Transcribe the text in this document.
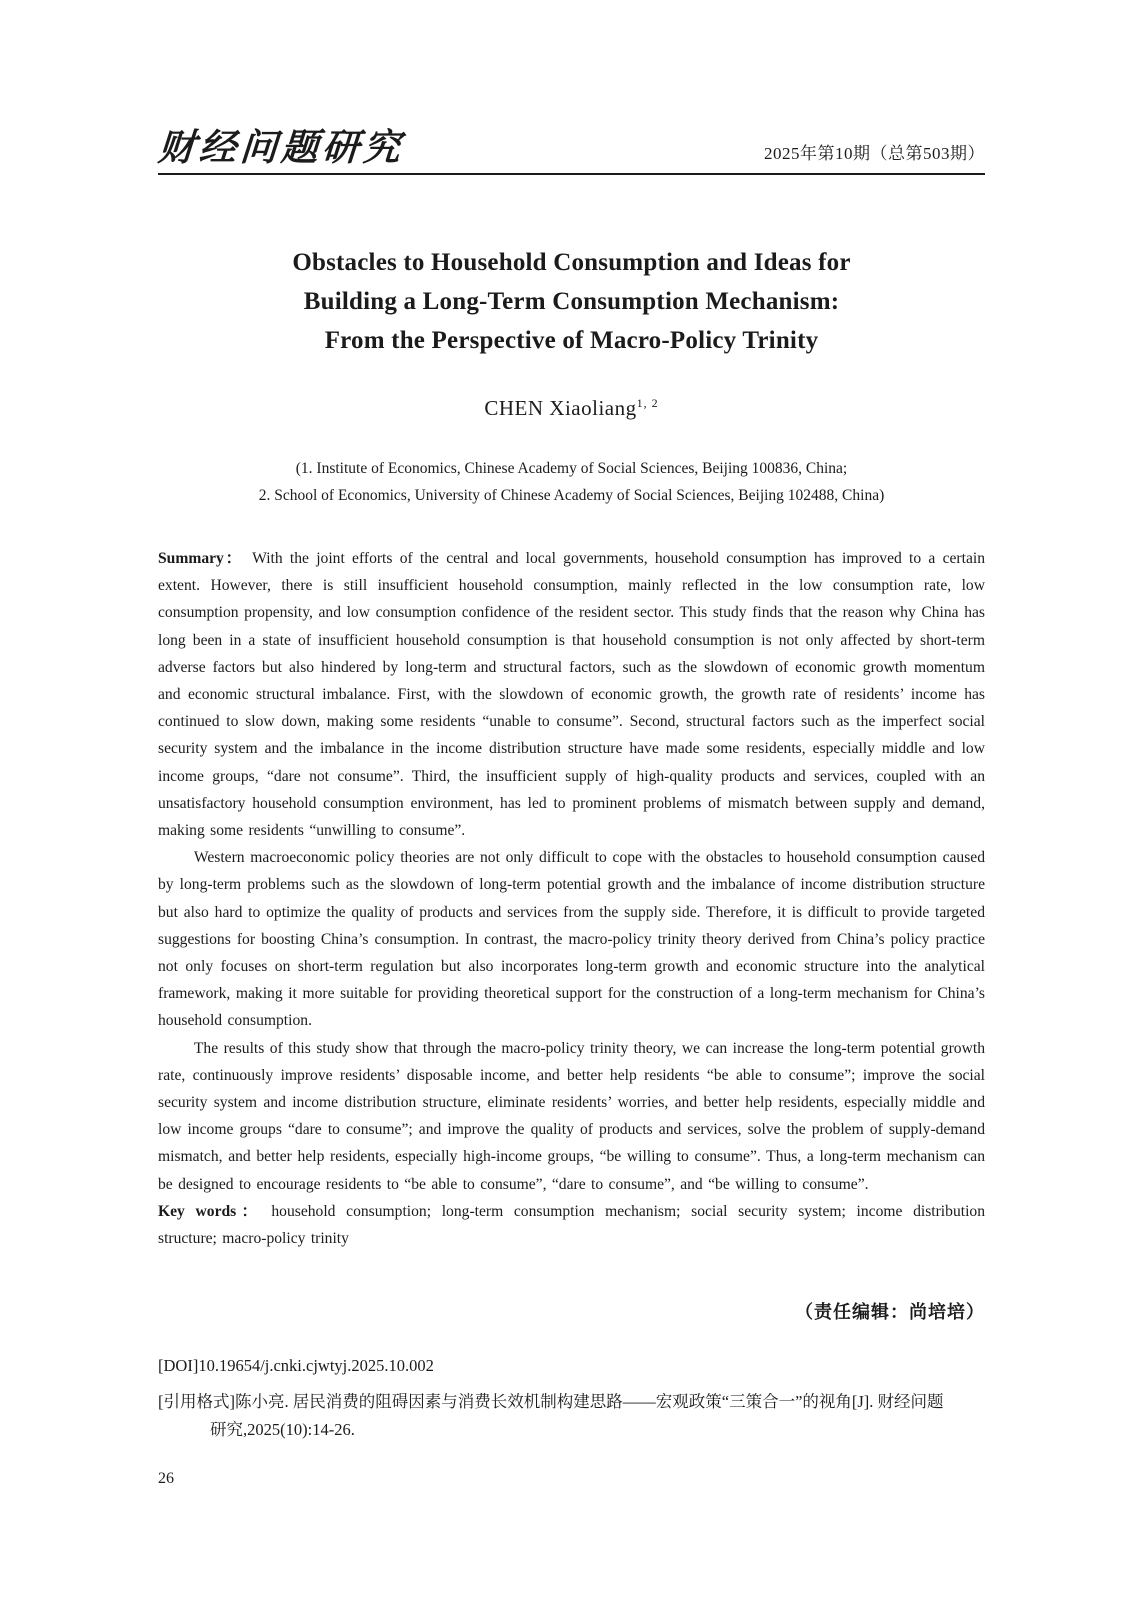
财经问题研究	2025年第10期（总第503期）
Obstacles to Household Consumption and Ideas for
Building a Long-Term Consumption Mechanism:
From the Perspective of Macro-Policy Trinity
CHEN Xiaoliang$^{1, 2}$
(1. Institute of Economics, Chinese Academy of Social Sciences, Beijing 100836, China;
2. School of Economics, University of Chinese Academy of Social Sciences, Beijing 102488, China)

Summary： With the joint efforts of the central and local governments, household consumption has improved to a certain extent. However, there is still insufficient household consumption, mainly reflected in the low consumption rate, low consumption propensity, and low consumption confidence of the resident sector. This study finds that the reason why China has long been in a state of insufficient household consumption is that household consumption is not only affected by short-term adverse factors but also hindered by long-term and structural factors, such as the slowdown of economic growth momentum and economic structural imbalance. First, with the slowdown of economic growth, the growth rate of residents’ income has continued to slow down, making some residents “unable to consume”. Second, structural factors such as the imperfect social security system and the imbalance in the income distribution structure have made some residents, especially middle and low income groups, “dare not consume”. Third, the insufficient supply of high-quality products and services, coupled with an unsatisfactory household consumption environment, has led to prominent problems of mismatch between supply and demand, making some residents “unwilling to consume”.

Western macroeconomic policy theories are not only difficult to cope with the obstacles to household consumption caused by long-term problems such as the slowdown of long-term potential growth and the imbalance of income distribution structure but also hard to optimize the quality of products and services from the supply side. Therefore, it is difficult to provide targeted suggestions for boosting China’s consumption. In contrast, the macro-policy trinity theory derived from China’s policy practice not only focuses on short-term regulation but also incorporates long-term growth and economic structure into the analytical framework, making it more suitable for providing theoretical support for the construction of a long-term mechanism for China’s household consumption.

The results of this study show that through the macro-policy trinity theory, we can increase the long-term potential growth rate, continuously improve residents’ disposable income, and better help residents “be able to consume”; improve the social security system and income distribution structure, eliminate residents’ worries, and better help residents, especially middle and low income groups “dare to consume”; and improve the quality of products and services, solve the problem of supply-demand mismatch, and better help residents, especially high-income groups, “be willing to consume”. Thus, a long-term mechanism can be designed to encourage residents to “be able to consume”, “dare to consume”, and “be willing to consume”.

Key words： household consumption; long-term consumption mechanism; social security system; income distribution structure; macro-policy trinity

（责任编辑：尚培培）

[DOI]10.19654/j.cnki.cjwtyj.2025.10.002

[引用格式]陈小亮. 居民消费的阻碍因素与消费长效机制构建思路——宏观政策“三策合一”的视角[J]. 财经问题
研究,2025(10):14-26.
26
